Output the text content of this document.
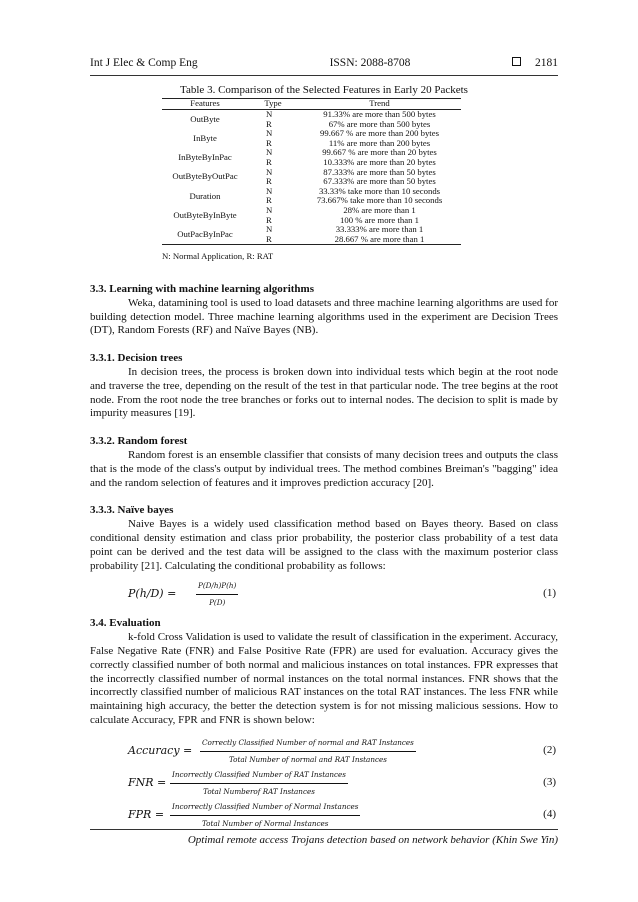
Int J Elec & Comp Eng	ISSN: 2088-8708	2181
Table 3. Comparison of the Selected Features in Early 20 Packets
Features	Type	Trend
OutByte	N	91.33% are more than 500 bytes
	R	67% are more than 500 bytes
InByte	N	99.667 % are more than 200 bytes
	R	11% are more than 200 bytes
InByteByInPac	N	99.667 % are more than 20 bytes
	R	10.333% are more than 20 bytes
OutByteByOutPac	N	87.333% are more than 50 bytes
	R	67.333% are more than 50 bytes
Duration	N	33.33% take more than 10 seconds
	R	73.667% take more than 10 seconds
OutByteByInByte	N	28% are more than 1
	R	100 % are more than 1
OutPacByInPac	N	33.333% are more than 1
	R	28.667 % are more than 1
N: Normal Application, R: RAT
3.3. Learning with machine learning algorithms

Weka, datamining tool is used to load datasets and three machine learning algorithms are used for building detection model. Three machine learning algorithms used in the experiment are Decision Trees (DT), Random Forests (RF) and Naïve Bayes (NB).

3.3.1. Decision trees

In decision trees, the process is broken down into individual tests which begin at the root node and traverse the tree, depending on the result of the test in that particular node. The tree begins at the root node. From the root node the tree branches or forks out to internal nodes. The decision to split is made by impurity measures [19].

3.3.2. Random forest

Random forest is an ensemble classifier that consists of many decision trees and outputs the class that is the mode of the class's output by individual trees. The method combines Breiman's "bagging" idea and the random selection of features and it improves prediction accuracy [20].

3.3.3. Naïve bayes

Naive Bayes is a widely used classification method based on Bayes theory. Based on class conditional density estimation and class prior probability, the posterior class probability of a test data point can be derived and the test data will be assigned to the class with the maximum posterior class probability [21]. Calculating the conditional probability as follows:

P(h/D) =	$\frac{P(D/h)P(h)}{P(D)}$	(1)
3.4. Evaluation

k-fold Cross Validation is used to validate the result of classification in the experiment. Accuracy, False Negative Rate (FNR) and False Positive Rate (FPR) are used for evaluation. Accuracy gives the correctly classified number of both normal and malicious instances on total instances. FPR expresses that the incorrectly classified number of normal instances on the total normal instances. FNR shows that the incorrectly classified number of malicious RAT instances on the total RAT instances. The less FNR while maintaining high accuracy, the better the detection system is for not missing malicious sessions. How to calculate Accuracy, FPR and FNR is shown below:

Accuracy =
Correctly Classified Number of normal and RAT Instances
Total Number of normal and RAT Instances
(2)
FNR =
Incorrectly Classified Number of RAT Instances
Total Numberof RAT Instances
(3)
FPR =
Incorrectly Classified Number of Normal Instances
Total Number of Normal Instances
(4)
Optimal remote access Trojans detection based on network behavior (Khin Swe Yin)
